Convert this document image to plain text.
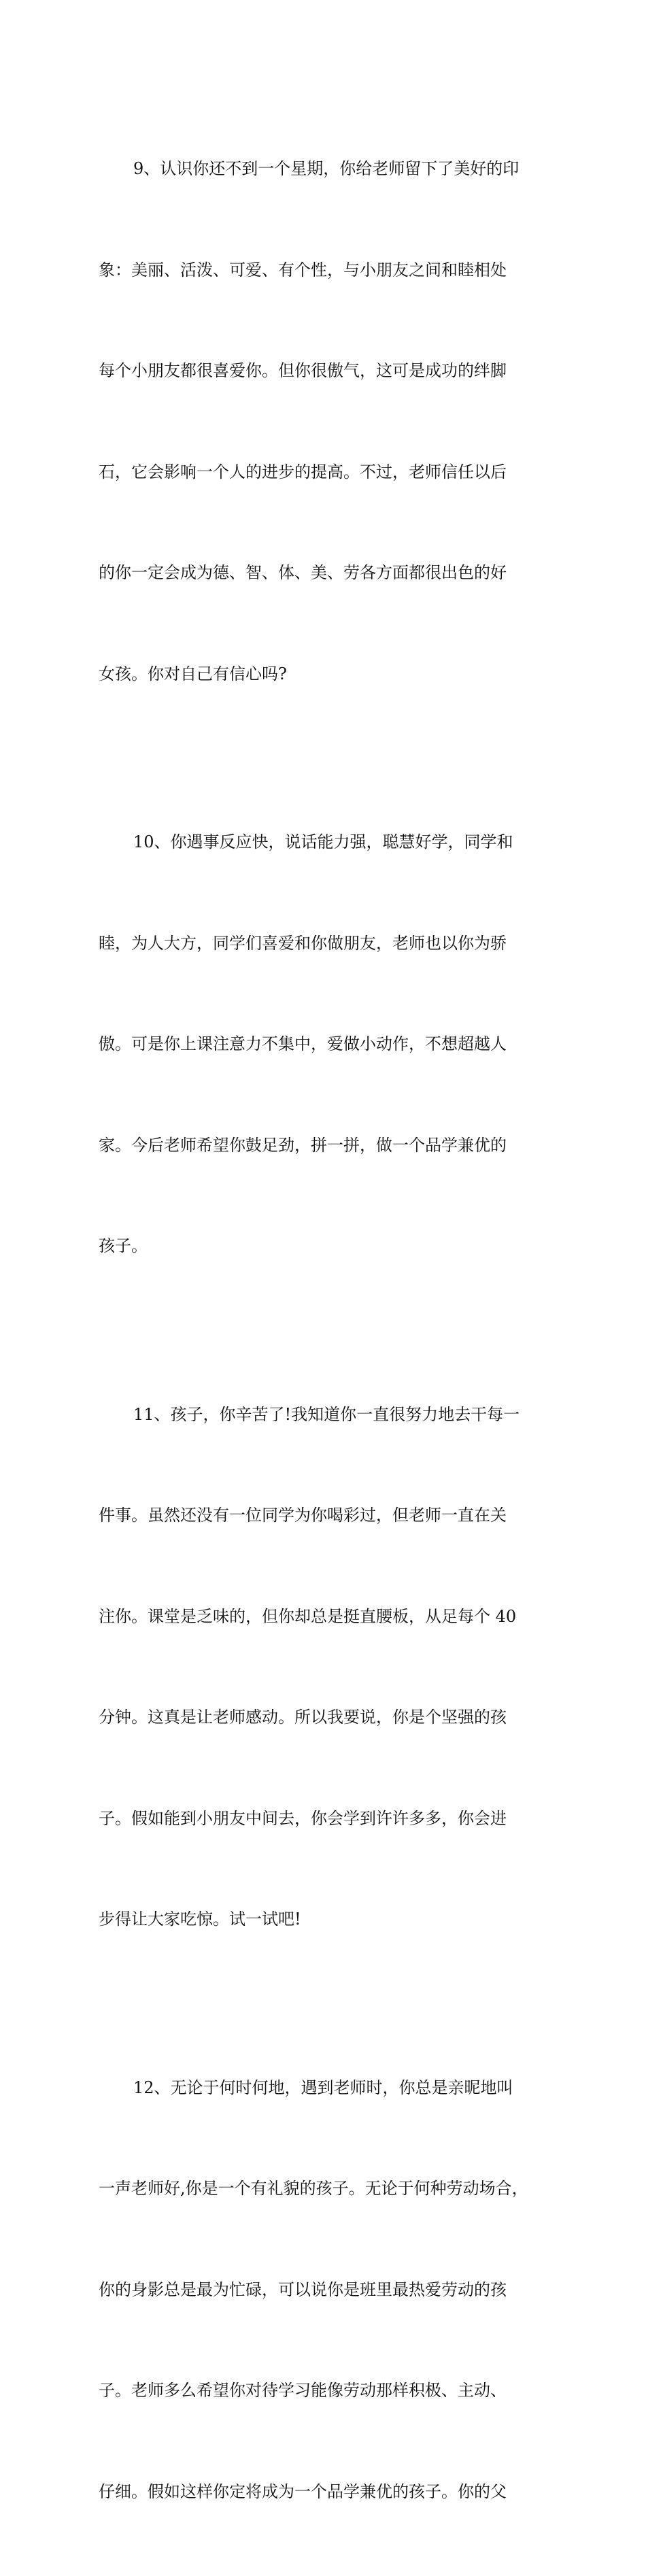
9、认识你还不到一个星期，你给老师留下了美好的印

象：美丽、活泼、可爱、有个性，与小朋友之间和睦相处

每个小朋友都很喜爱你。但你很傲气，这可是成功的绊脚

石，它会影响一个人的进步的提高。不过，老师信任以后

的你一定会成为德、智、体、美、劳各方面都很出色的好

女孩。你对自己有信心吗?

10、你遇事反应快，说话能力强，聪慧好学，同学和

睦，为人大方，同学们喜爱和你做朋友，老师也以你为骄

傲。可是你上课注意力不集中，爱做小动作，不想超越人

家。今后老师希望你鼓足劲，拼一拼，做一个品学兼优的

孩子。

11、孩子，你辛苦了!我知道你一直很努力地去干每一

件事。虽然还没有一位同学为你喝彩过，但老师一直在关

注你。课堂是乏味的，但你却总是挺直腰板，从足每个 40

分钟。这真是让老师感动。所以我要说，你是个坚强的孩

子。假如能到小朋友中间去，你会学到许许多多，你会进

步得让大家吃惊。试一试吧!

12、无论于何时何地，遇到老师时，你总是亲昵地叫

一声老师好,你是一个有礼貌的孩子。无论于何种劳动场合，

你的身影总是最为忙碌，可以说你是班里最热爱劳动的孩

子。老师多么希望你对待学习能像劳动那样积极、主动、

仔细。假如这样你定将成为一个品学兼优的孩子。你的父
